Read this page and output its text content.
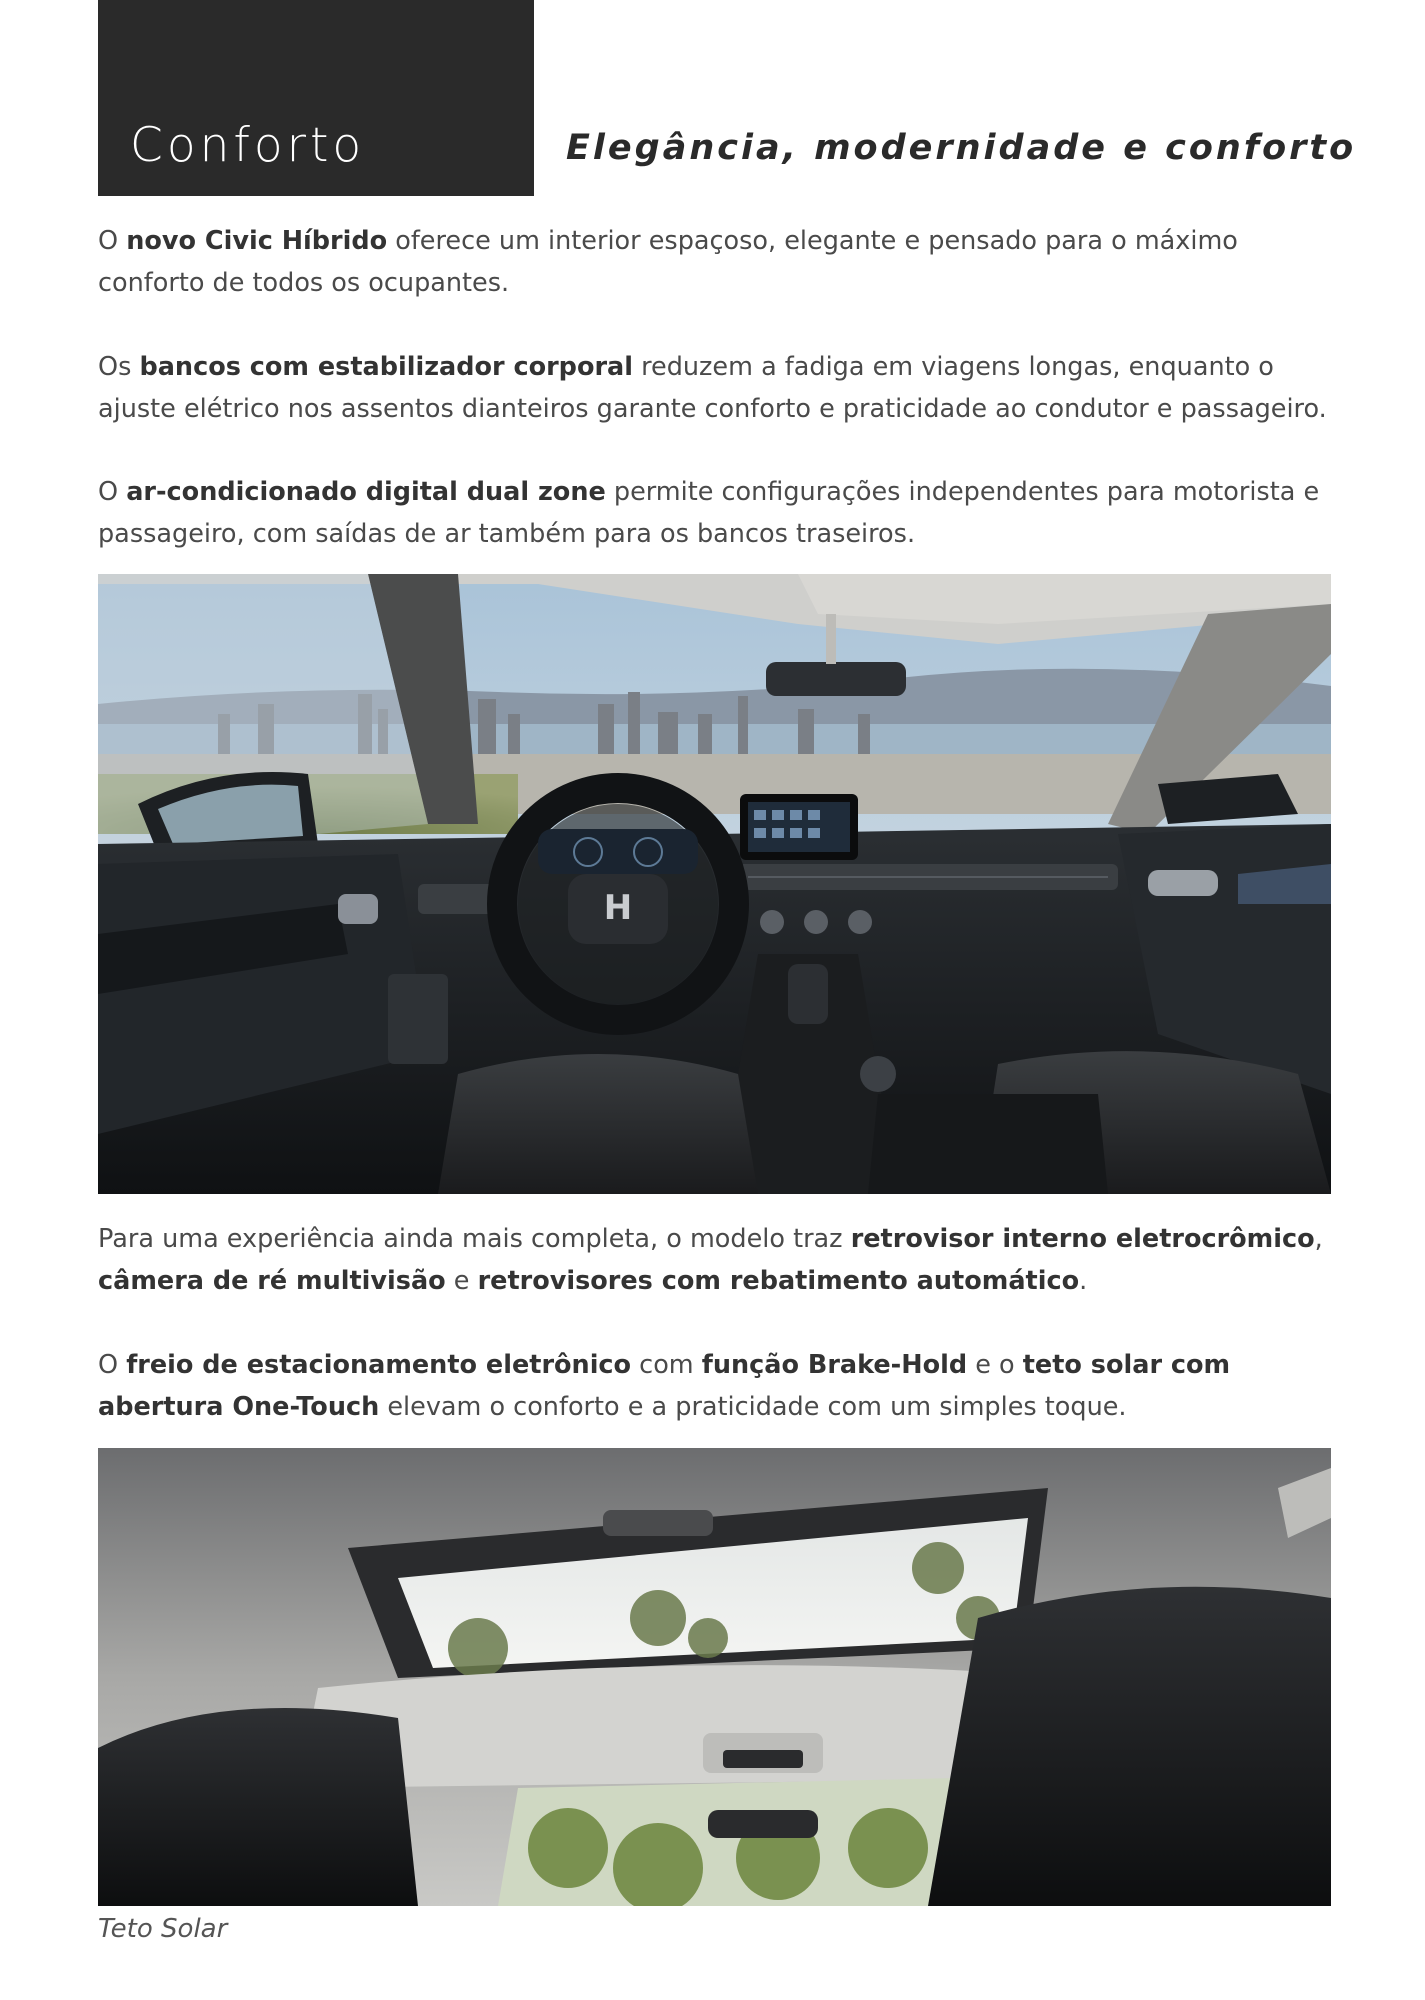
Conforto	Elegância, modernidade e conforto

O novo Civic Híbrido oferece um interior espaçoso, elegante e pensado para o máximo conforto de todos os ocupantes.

Os bancos com estabilizador corporal reduzem a fadiga em viagens longas, enquanto o ajuste elétrico nos assentos dianteiros garante conforto e praticidade ao condutor e passageiro.

O ar-condicionado digital dual zone permite configurações independentes para motorista e passageiro, com saídas de ar também para os bancos traseiros.

H

Para uma experiência ainda mais completa, o modelo traz retrovisor interno eletrocrômico, câmera de ré multivisão e retrovisores com rebatimento automático.

O freio de estacionamento eletrônico com função Brake-Hold e o teto solar com abertura One-Touch elevam o conforto e a praticidade com um simples toque.

Teto Solar
